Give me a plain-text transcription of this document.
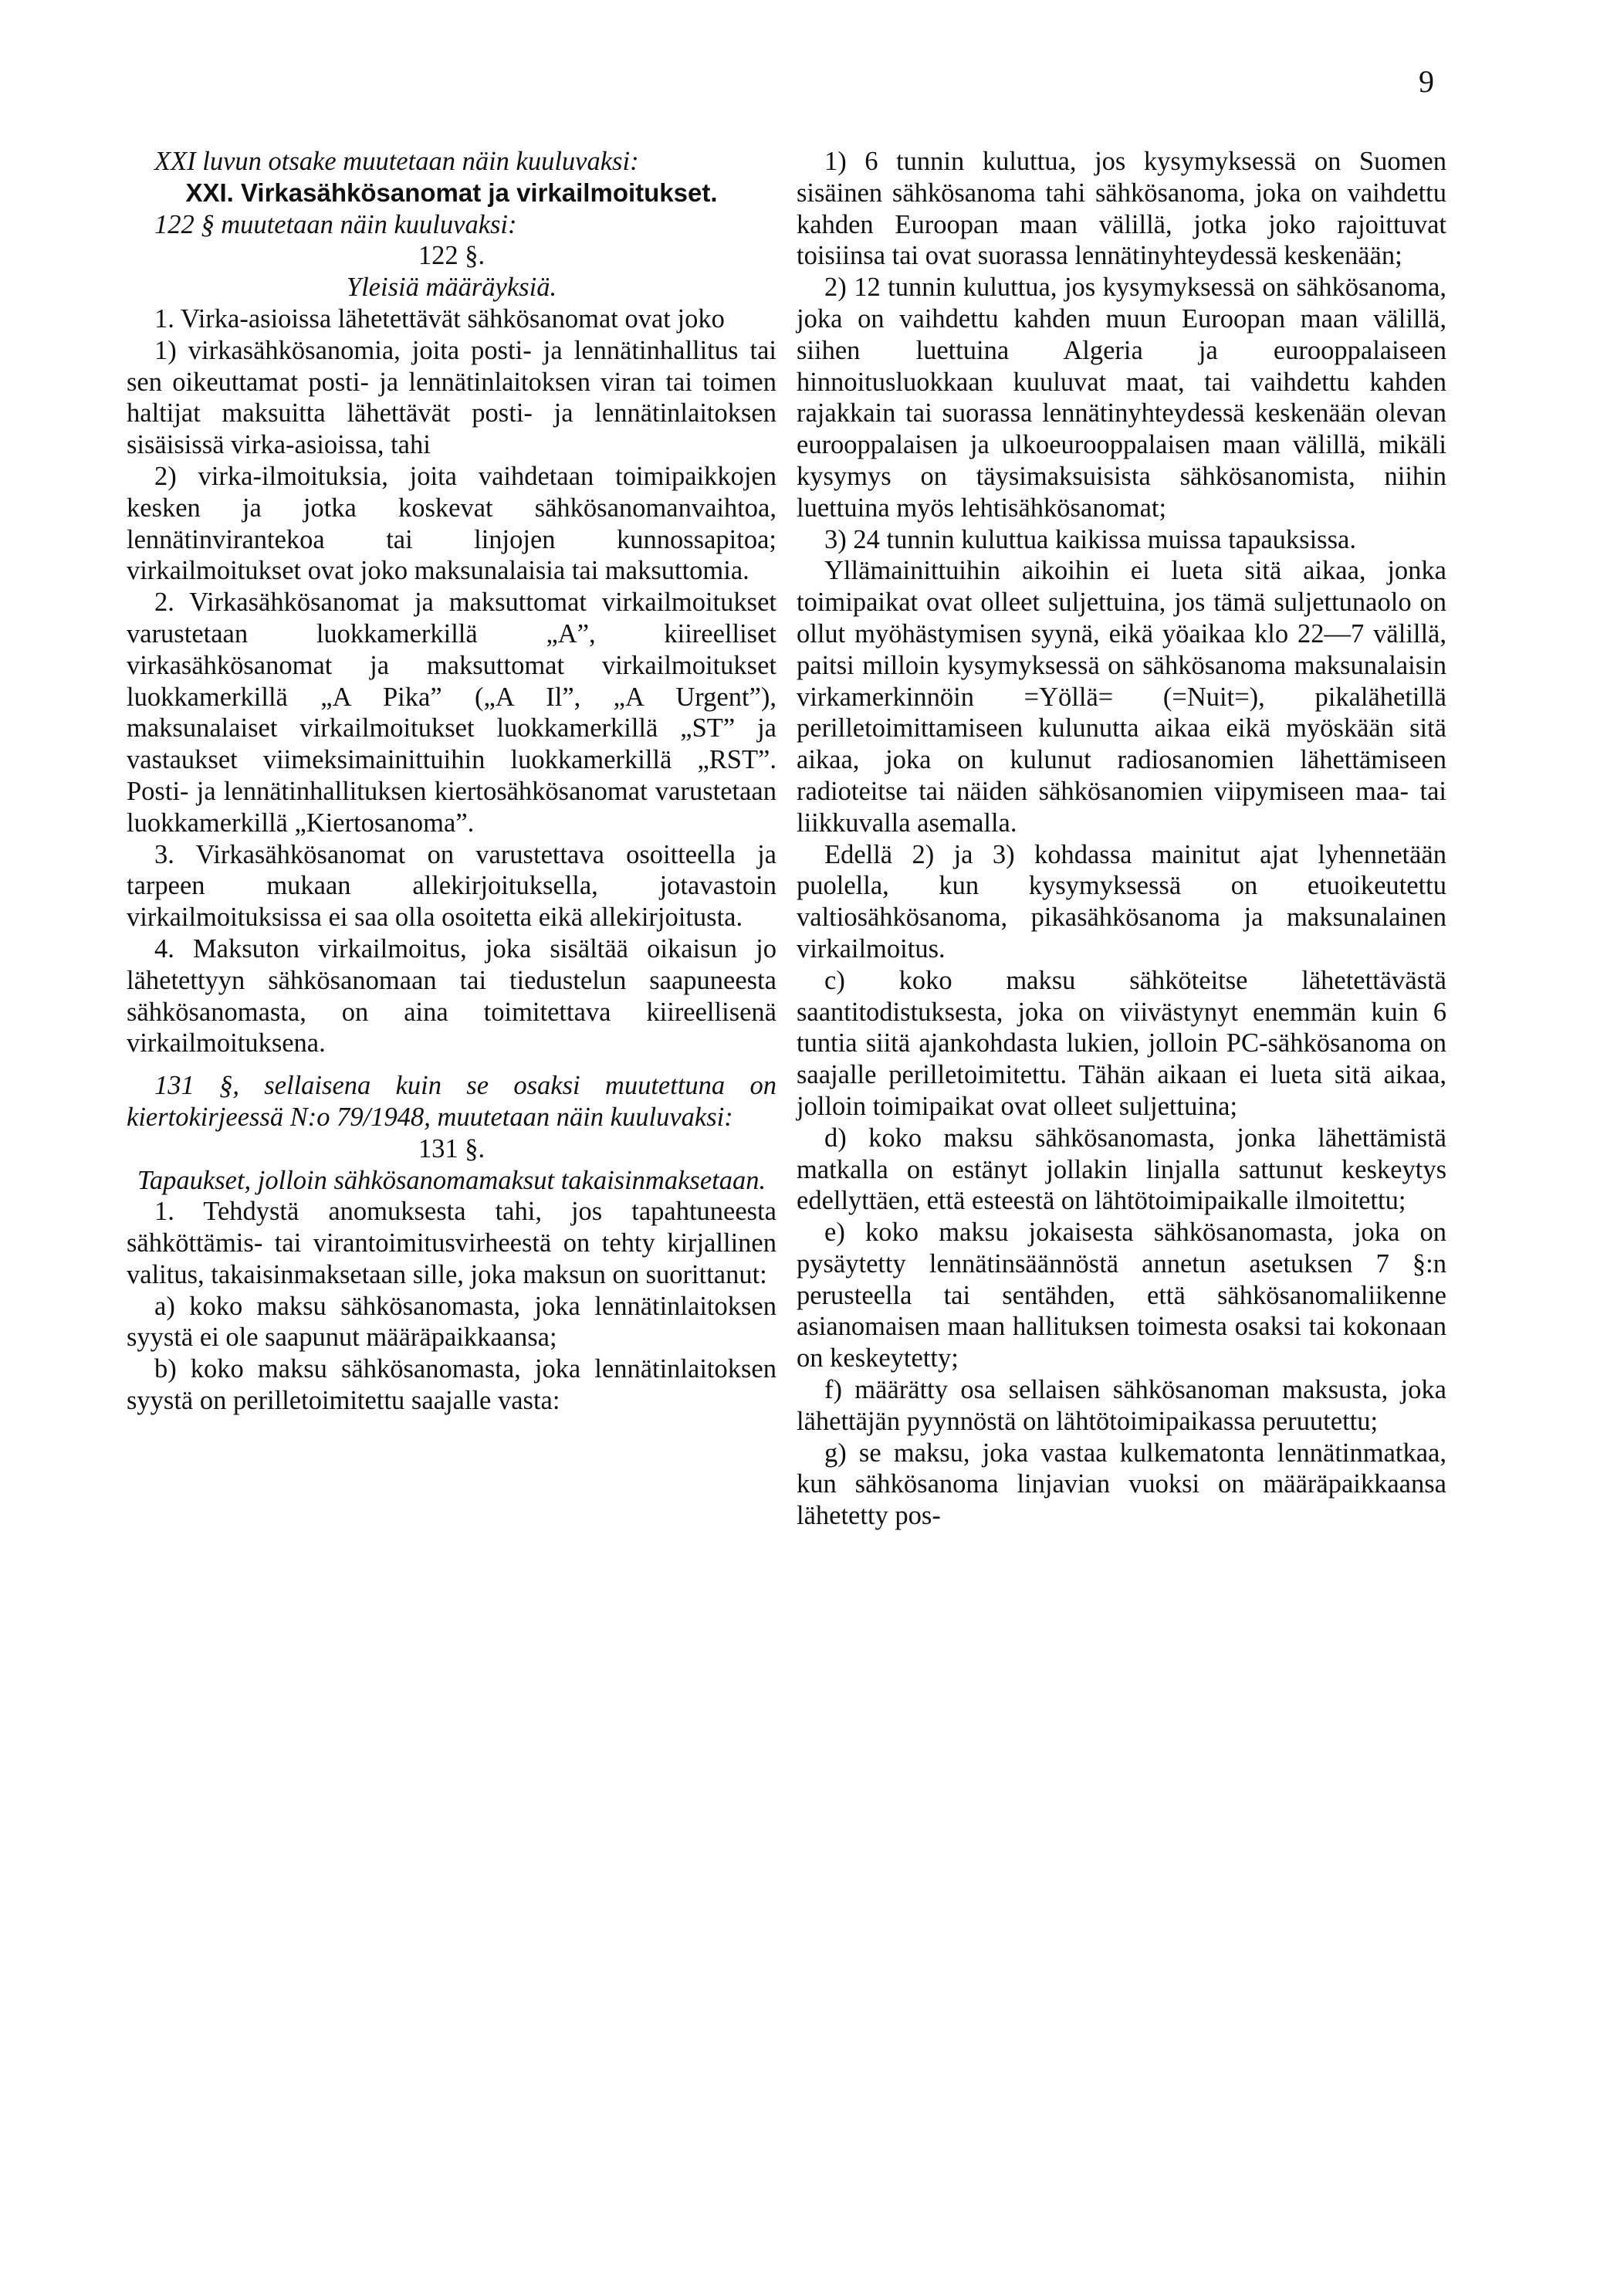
9

XXI luvun otsake muutetaan näin kuuluvaksi:

XXI. Virkasähkösanomat ja virkailmoitukset.

122 § muutetaan näin kuuluvaksi:

122 §.

Yleisiä määräyksiä.

1. Virka-asioissa lähetettävät sähkösanomat ovat joko

1) virkasähkösanomia, joita posti- ja lennätinhallitus tai sen oikeuttamat posti- ja lennätinlaitoksen viran tai toimen haltijat maksuitta lähettävät posti- ja lennätinlaitoksen sisäisissä virka-asioissa, tahi

2) virka-ilmoituksia, joita vaihdetaan toimipaikkojen kesken ja jotka koskevat sähkösanomanvaihtoa, lennätinvirantekoa tai linjojen kunnossapitoa; virkailmoitukset ovat joko maksunalaisia tai maksuttomia.

2. Virkasähkösanomat ja maksuttomat virkailmoitukset varustetaan luokkamerkillä „A”, kiireelliset virkasähkösanomat ja maksuttomat virkailmoitukset luokkamerkillä „A Pika” („A Il”, „A Urgent”), maksunalaiset virkailmoitukset luokkamerkillä „ST” ja vastaukset viimeksimainittuihin luokkamerkillä „RST”. Posti- ja lennätinhallituksen kiertosähkösanomat varustetaan luokkamerkillä „Kiertosanoma”.

3. Virkasähkösanomat on varustettava osoitteella ja tarpeen mukaan allekirjoituksella, jotavastoin virkailmoituksissa ei saa olla osoitetta eikä allekirjoitusta.

4. Maksuton virkailmoitus, joka sisältää oikaisun jo lähetettyyn sähkösanomaan tai tiedustelun saapuneesta sähkösanomasta, on aina toimitettava kiireellisenä virkailmoituksena.

131 §, sellaisena kuin se osaksi muutettuna on kiertokirjeessä N:o 79/1948, muutetaan näin kuuluvaksi:

131 §.

Tapaukset, jolloin sähkösanomamaksut takaisinmaksetaan.

1. Tehdystä anomuksesta tahi, jos tapahtuneesta sähköttämis- tai virantoimitusvirheestä on tehty kirjallinen valitus, takaisinmaksetaan sille, joka maksun on suorittanut:

a) koko maksu sähkösanomasta, joka lennätinlaitoksen syystä ei ole saapunut määräpaikkaansa;

b) koko maksu sähkösanomasta, joka lennätinlaitoksen syystä on perilletoimitettu saajalle vasta:

1) 6 tunnin kuluttua, jos kysymyksessä on Suomen sisäinen sähkösanoma tahi sähkösanoma, joka on vaihdettu kahden Euroopan maan välillä, jotka joko rajoittuvat toisiinsa tai ovat suorassa lennätinyhteydessä keskenään;

2) 12 tunnin kuluttua, jos kysymyksessä on sähkösanoma, joka on vaihdettu kahden muun Euroopan maan välillä, siihen luettuina Algeria ja eurooppalaiseen hinnoitusluokkaan kuuluvat maat, tai vaihdettu kahden rajakkain tai suorassa lennätinyhteydessä keskenään olevan eurooppalaisen ja ulkoeurooppalaisen maan välillä, mikäli kysymys on täysimaksuisista sähkösanomista, niihin luettuina myös lehtisähkösanomat;

3) 24 tunnin kuluttua kaikissa muissa tapauksissa.

Yllämainittuihin aikoihin ei lueta sitä aikaa, jonka toimipaikat ovat olleet suljettuina, jos tämä suljettunaolo on ollut myöhästymisen syynä, eikä yöaikaa klo 22—7 välillä, paitsi milloin kysymyksessä on sähkösanoma maksunalaisin virkamerkinnöin =Yöllä= (=Nuit=), pikalähetillä perilletoimittamiseen kulunutta aikaa eikä myöskään sitä aikaa, joka on kulunut radiosanomien lähettämiseen radioteitse tai näiden sähkösanomien viipymiseen maa- tai liikkuvalla asemalla.

Edellä 2) ja 3) kohdassa mainitut ajat lyhennetään puolella, kun kysymyksessä on etuoikeutettu valtiosähkösanoma, pikasähkösanoma ja maksunalainen virkailmoitus.

c) koko maksu sähköteitse lähetettävästä saantitodistuksesta, joka on viivästynyt enemmän kuin 6 tuntia siitä ajankohdasta lukien, jolloin PC-sähkösanoma on saajalle perilletoimitettu. Tähän aikaan ei lueta sitä aikaa, jolloin toimipaikat ovat olleet suljettuina;

d) koko maksu sähkösanomasta, jonka lähettämistä matkalla on estänyt jollakin linjalla sattunut keskeytys edellyttäen, että esteestä on lähtötoimipaikalle ilmoitettu;

e) koko maksu jokaisesta sähkösanomasta, joka on pysäytetty lennätinsäännöstä annetun asetuksen 7 §:n perusteella tai sentähden, että sähkösanomaliikenne asianomaisen maan hallituksen toimesta osaksi tai kokonaan on keskeytetty;

f) määrätty osa sellaisen sähkösanoman maksusta, joka lähettäjän pyynnöstä on lähtötoimipaikassa peruutettu;

g) se maksu, joka vastaa kulkematonta lennätinmatkaa, kun sähkösanoma linjavian vuoksi on määräpaikkaansa lähetetty pos-
